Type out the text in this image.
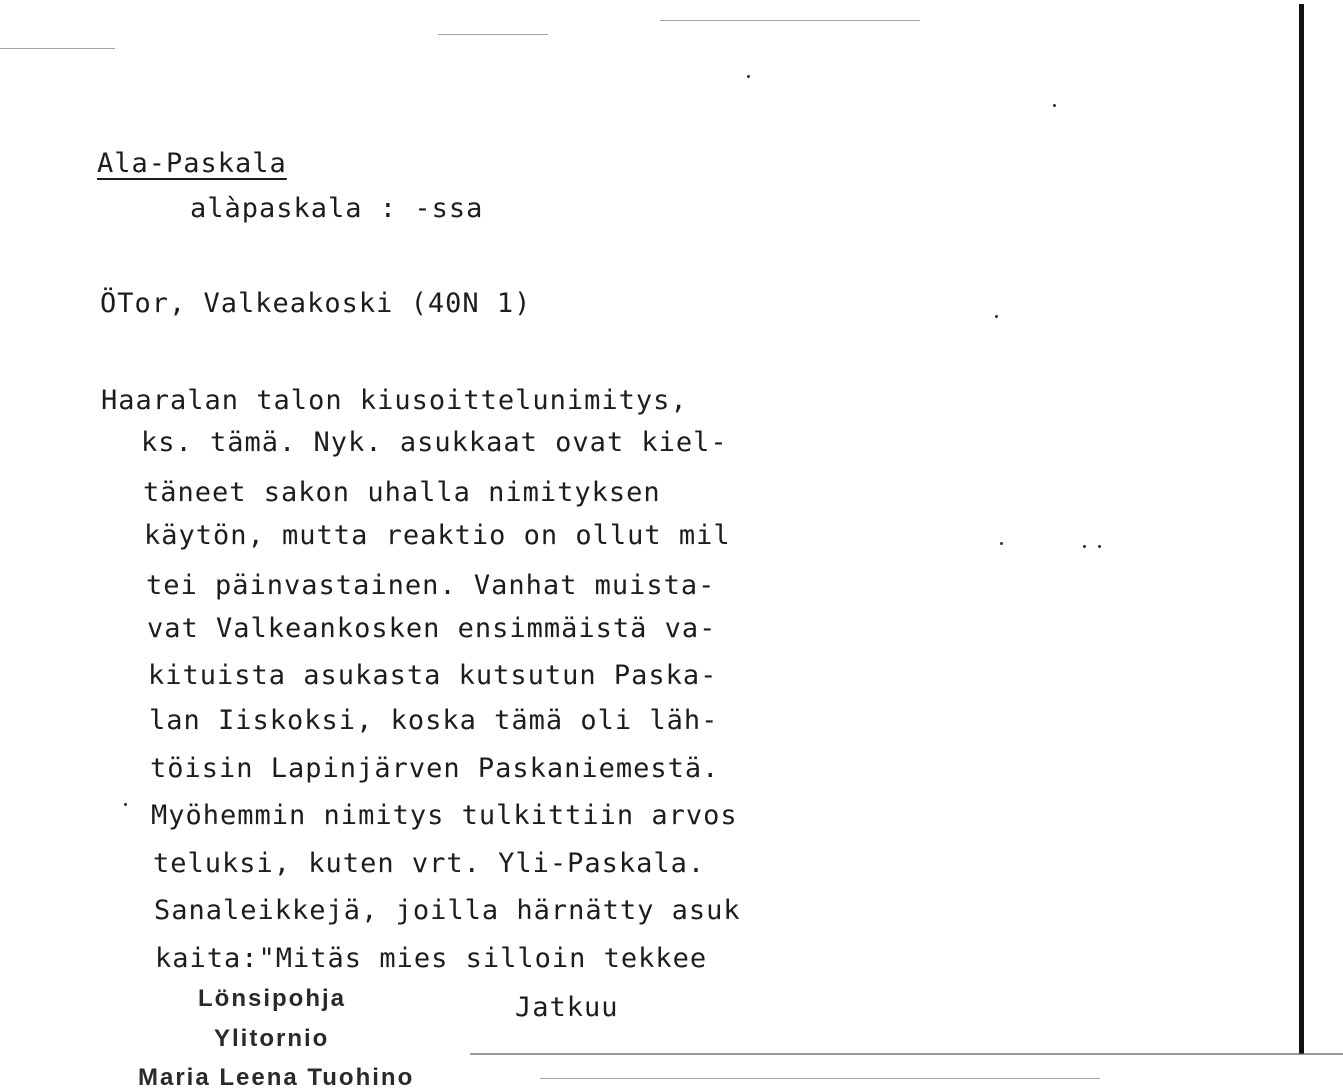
Ala-Paskala
alàpaskala : -ssa
ÖTor, Valkeakoski (40N 1)
Haaralan talon kiusoittelunimitys,
ks. tämä. Nyk. asukkaat ovat kiel-
täneet sakon uhalla nimityksen
käytön, mutta reaktio on ollut mil
tei päinvastainen. Vanhat muista-
vat Valkeankosken ensimmäistä va-
kituista asukasta kutsutun Paska-
lan Iiskoksi, koska tämä oli läh-
töisin Lapinjärven Paskaniemestä.
Myöhemmin nimitys tulkittiin arvos
teluksi, kuten vrt. Yli-Paskala.
Sanaleikkejä, joilla härnätty asuk
kaita:"Mitäs mies silloin tekkee
Jatkuu
Lönsipohja
Ylitornio
Maria Leena Tuohino
